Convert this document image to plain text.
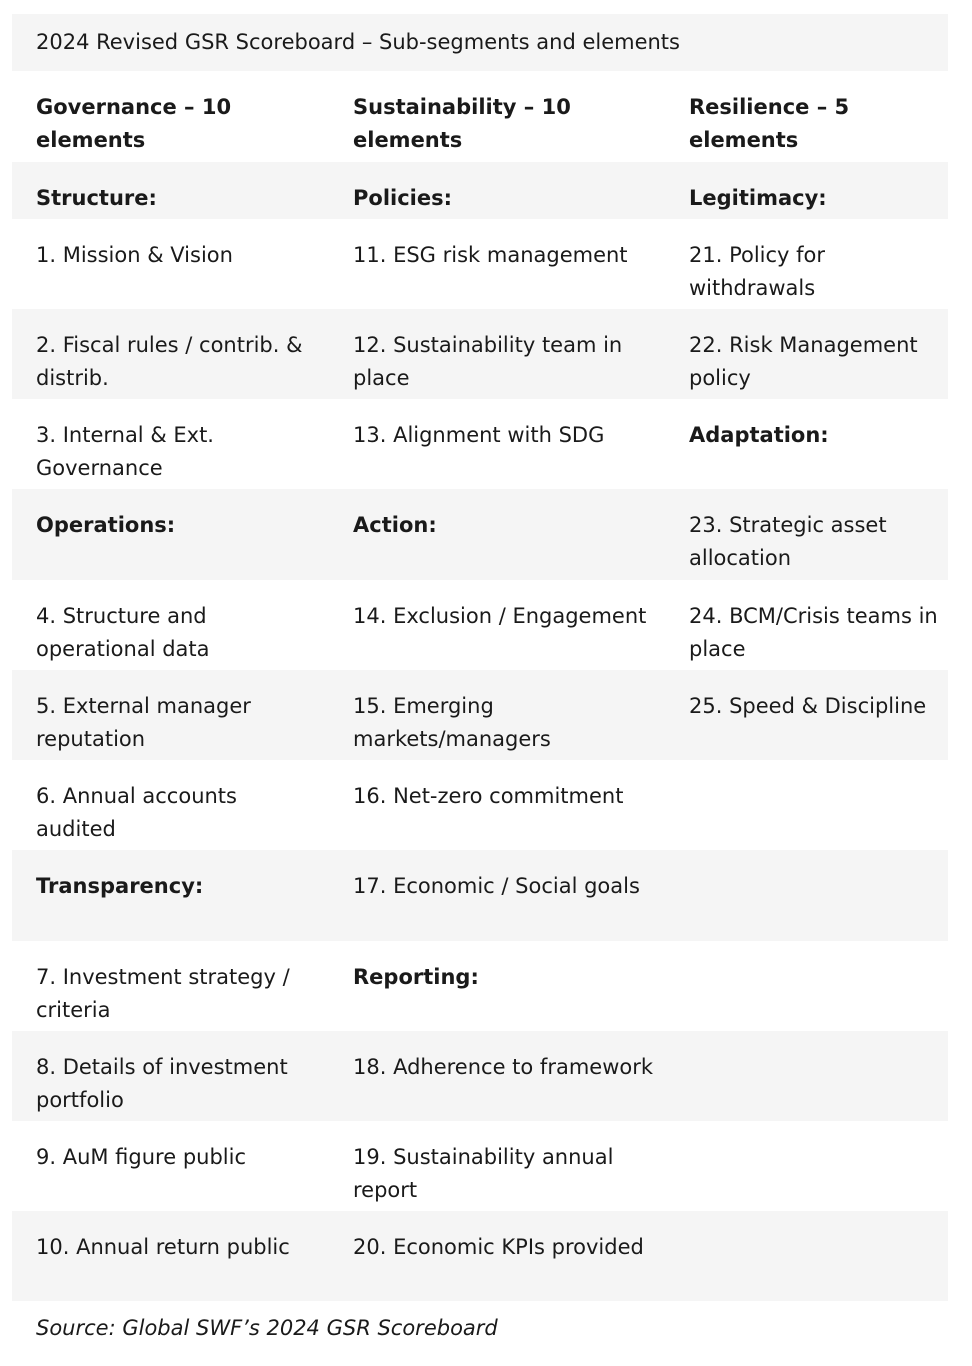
2024 Revised GSR Scoreboard – Sub-segments and elements		
Governance – 10 elements	Sustainability – 10 elements	Resilience – 5 elements
Structure:	Policies:	Legitimacy:
1. Mission & Vision	11. ESG risk management	21. Policy for withdrawals
2. Fiscal rules / contrib. & distrib.	12. Sustainability team in place	22. Risk Management policy
3. Internal & Ext. Governance	13. Alignment with SDG	Adaptation:
Operations:	Action:	23. Strategic asset allocation
4. Structure and operational data	14. Exclusion / Engagement	24. BCM/Crisis teams in place
5. External manager reputation	15. Emerging markets/managers	25. Speed & Discipline
6. Annual accounts audited	16. Net-zero commitment	
Transparency:	17. Economic / Social goals	
7. Investment strategy / criteria	Reporting:	
8. Details of investment portfolio	18. Adherence to framework	
9. AuM figure public	19. Sustainability annual report	
10. Annual return public	20. Economic KPIs provided	
Source: Global SWF’s 2024 GSR Scoreboard
